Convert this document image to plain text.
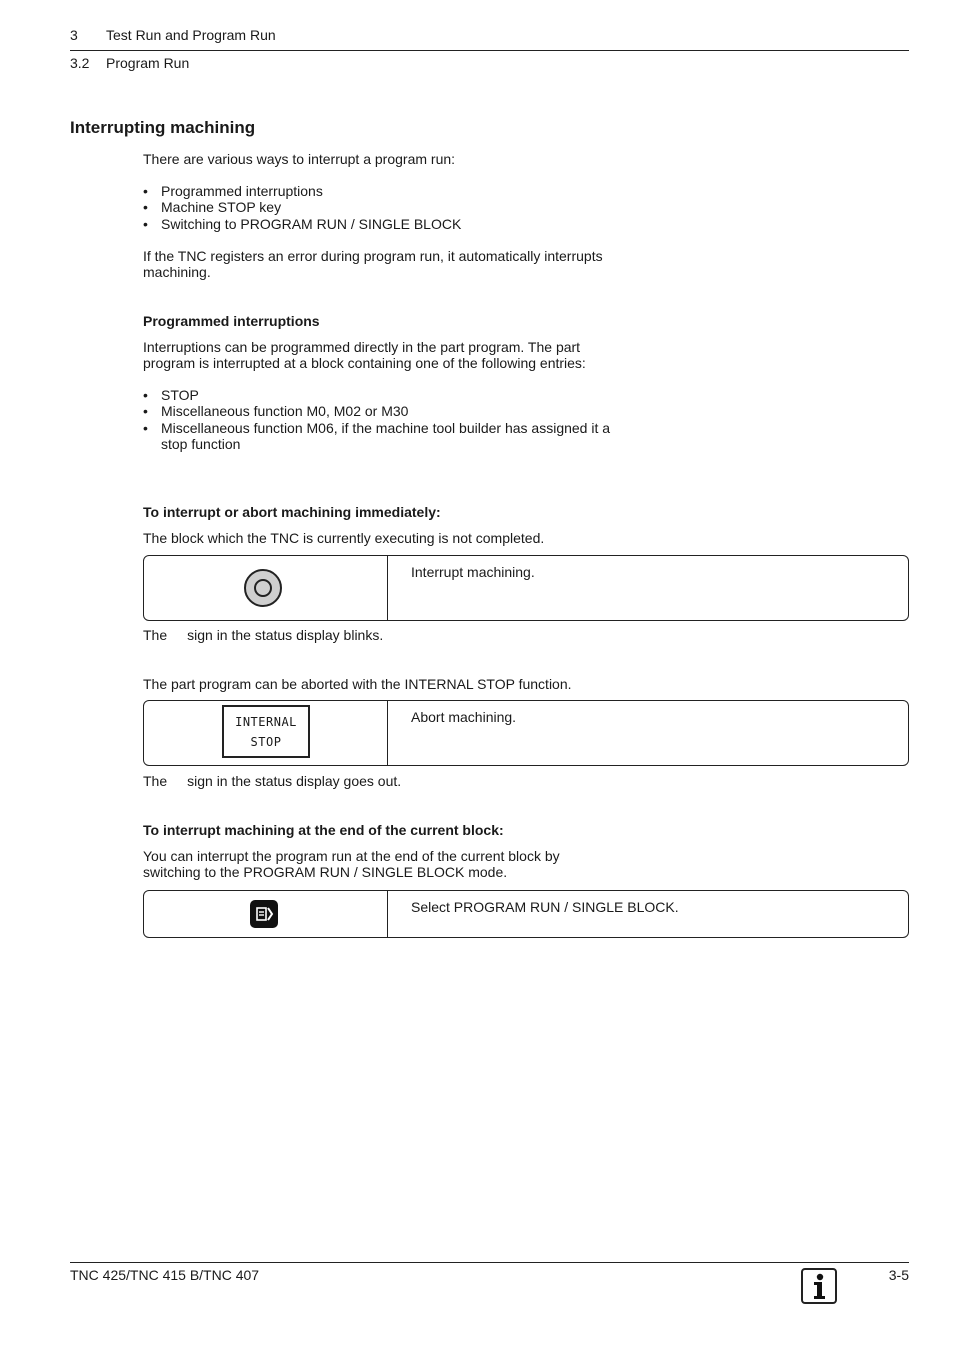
3 Test Run and Program Run
3.2 Program Run
Interrupting machining
There are various ways to interrupt a program run:
• Programmed interruptions
• Machine STOP key
• Switching to PROGRAM RUN / SINGLE BLOCK
If the TNC registers an error during program run, it automatically interrupts
machining.
Programmed interruptions
Interruptions can be programmed directly in the part program. The part
program is interrupted at a block containing one of the following entries:
• STOP
• Miscellaneous function M0, M02 or M30
• Miscellaneous function M06, if the machine tool builder has assigned it a stop function
To interrupt or abort machining immediately:
The block which the TNC is currently executing is not completed.
Interrupt machining.
The sign in the status display blinks.
The part program can be aborted with the INTERNAL STOP function.
INTERNAL
STOP
Abort machining.
The sign in the status display goes out.
To interrupt machining at the end of the current block:
You can interrupt the program run at the end of the current block by
switching to the PROGRAM RUN / SINGLE BLOCK mode.
Select PROGRAM RUN / SINGLE BLOCK.
TNC 425/TNC 415 B/TNC 407	3-5
